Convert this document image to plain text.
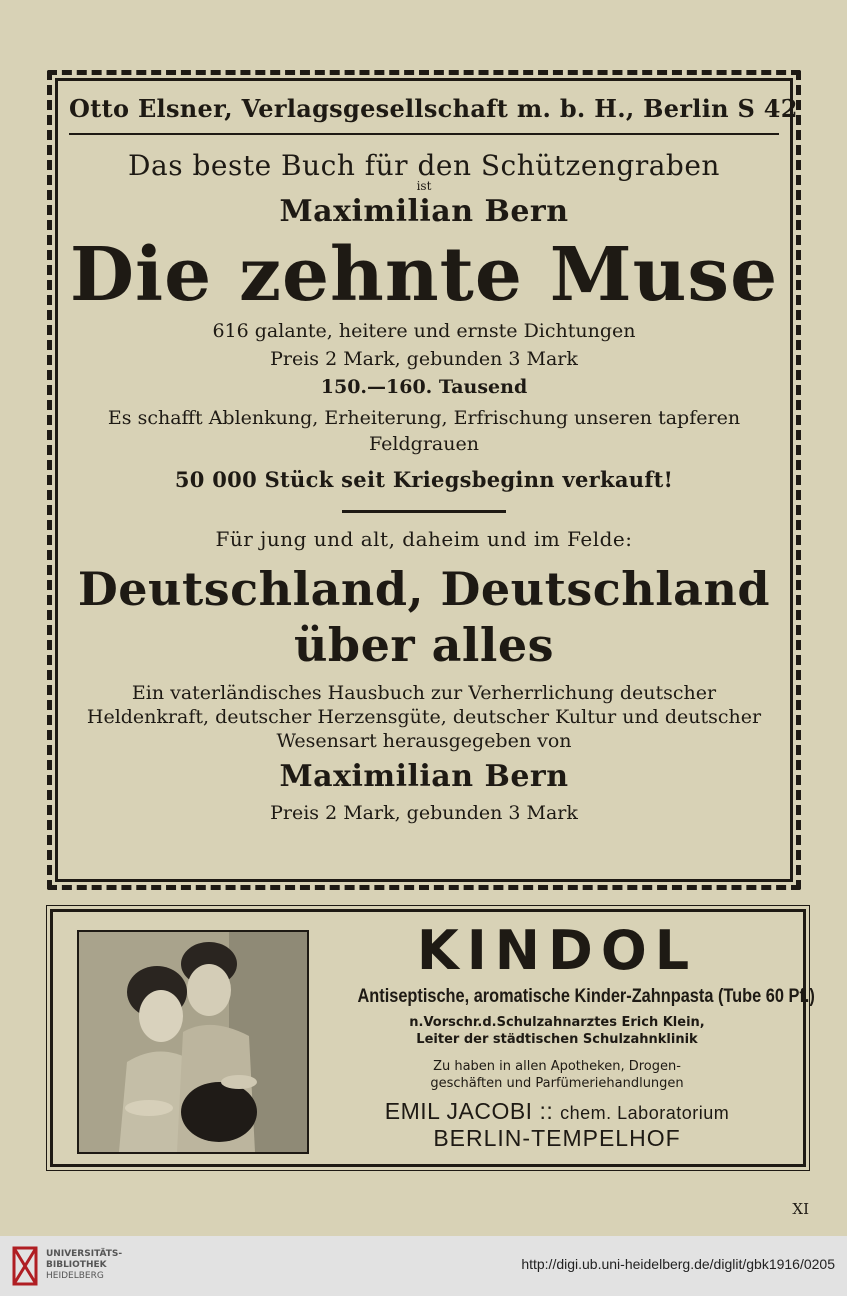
Otto Elsner, Verlagsgesellschaft m. b. H., Berlin S 42
Das beste Buch für den Schützengraben
ist
Maximilian Bern
Die zehnte Muse
616 galante, heitere und ernste Dichtungen
Preis 2 Mark, gebunden 3 Mark
150.—160. Tausend
Es schafft Ablenkung, Erheiterung, Erfrischung unseren tapferen Feldgrauen
50 000 Stück seit Kriegsbeginn verkauft!
Für jung und alt, daheim und im Felde:
Deutschland, Deutschland
über alles
Ein vaterländisches Hausbuch zur Verherrlichung deutscher Heldenkraft, deutscher Herzensgüte, deutscher Kultur und deutscher Wesensart herausgegeben von
Maximilian Bern
Preis 2 Mark, gebunden 3 Mark
KINDOL
Antiseptische, aromatische Kinder-Zahnpasta (Tube 60 Pf.)
n.Vorschr.d.Schulzahnarztes Erich Klein,
Leiter der städtischen Schulzahnklinik
Zu haben in allen Apotheken, Drogen-
geschäften und Parfümeriehandlungen
EMIL JACOBI :: chem. Laboratorium
BERLIN-TEMPELHOF
XI
UNIVERSITÄTS-
BIBLIOTHEK
HEIDELBERG
http://digi.ub.uni-heidelberg.de/diglit/gbk1916/0205
